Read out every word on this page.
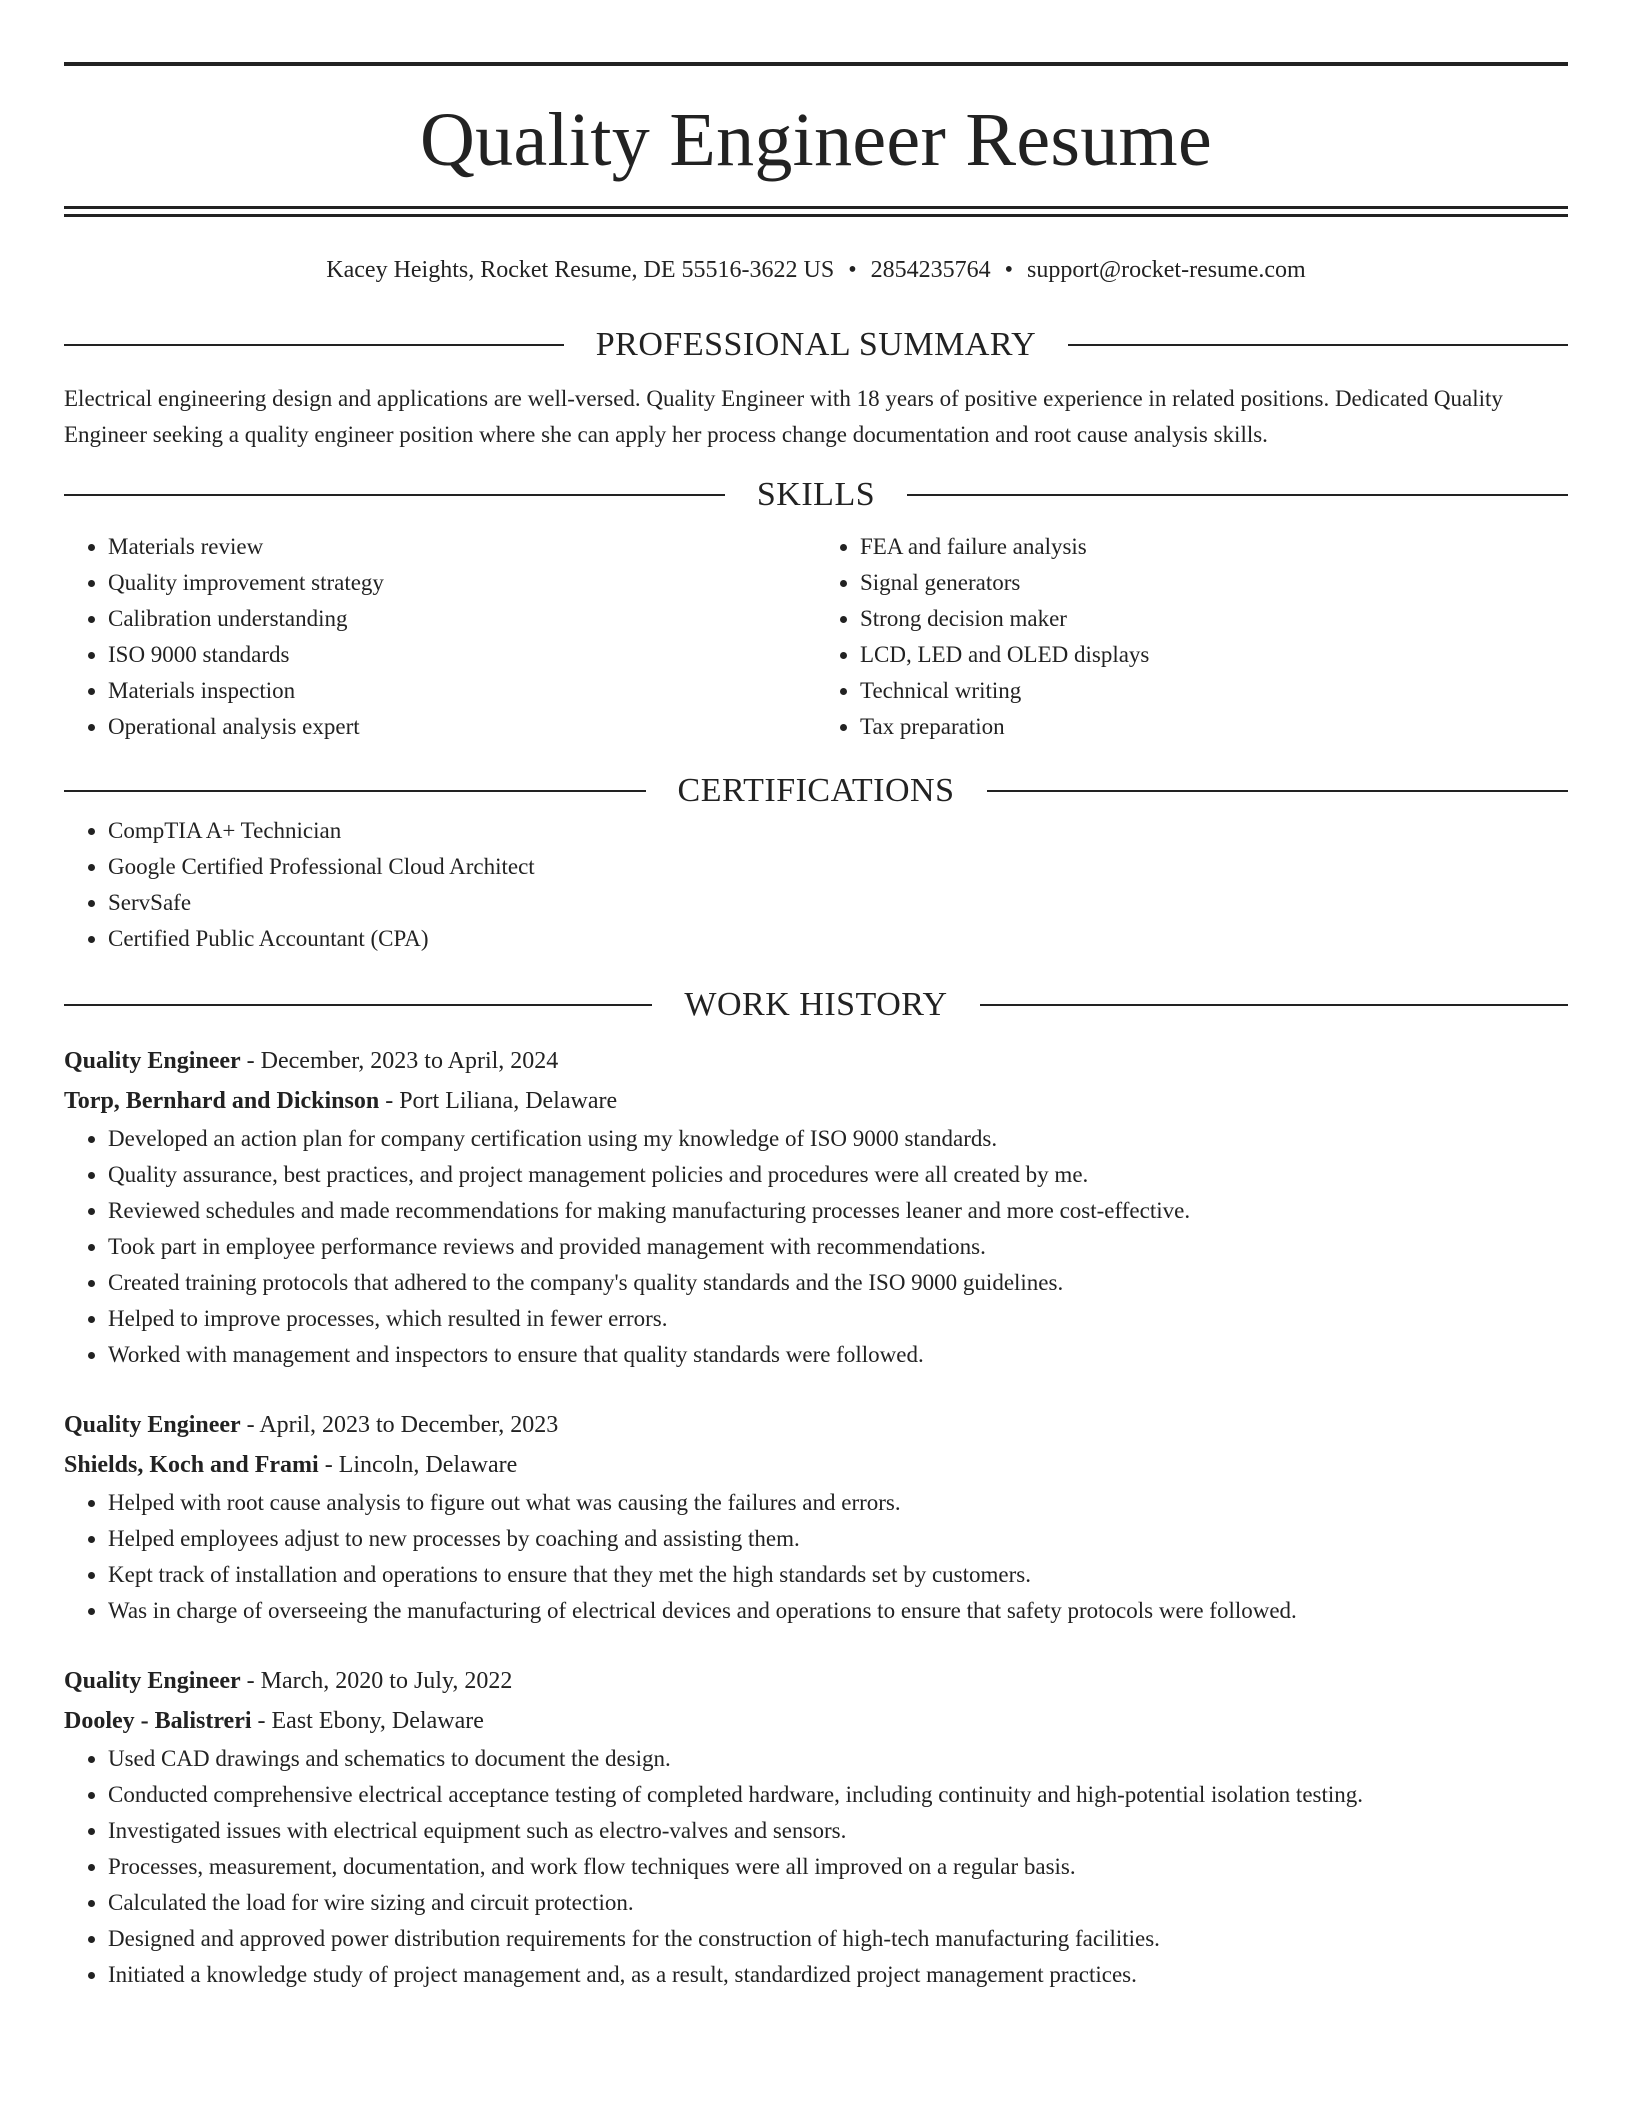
Quality Engineer Resume
Kacey Heights, Rocket Resume, DE 55516-3622 US • 2854235764 • support@rocket-resume.com
PROFESSIONAL SUMMARY

Electrical engineering design and applications are well-versed. Quality Engineer with 18 years of positive experience in related positions. Dedicated Quality Engineer seeking a quality engineer position where she can apply her process change documentation and root cause analysis skills.

SKILLS
• Materials review
• Quality improvement strategy
• Calibration understanding
• ISO 9000 standards
• Materials inspection
• Operational analysis expert
• FEA and failure analysis
• Signal generators
• Strong decision maker
• LCD, LED and OLED displays
• Technical writing
• Tax preparation
CERTIFICATIONS
• CompTIA A+ Technician
• Google Certified Professional Cloud Architect
• ServSafe
• Certified Public Accountant (CPA)
WORK HISTORY
Quality Engineer - December, 2023 to April, 2024
Torp, Bernhard and Dickinson - Port Liliana, Delaware
• Developed an action plan for company certification using my knowledge of ISO 9000 standards.
• Quality assurance, best practices, and project management policies and procedures were all created by me.
• Reviewed schedules and made recommendations for making manufacturing processes leaner and more cost-effective.
• Took part in employee performance reviews and provided management with recommendations.
• Created training protocols that adhered to the company's quality standards and the ISO 9000 guidelines.
• Helped to improve processes, which resulted in fewer errors.
• Worked with management and inspectors to ensure that quality standards were followed.
Quality Engineer - April, 2023 to December, 2023
Shields, Koch and Frami - Lincoln, Delaware
• Helped with root cause analysis to figure out what was causing the failures and errors.
• Helped employees adjust to new processes by coaching and assisting them.
• Kept track of installation and operations to ensure that they met the high standards set by customers.
• Was in charge of overseeing the manufacturing of electrical devices and operations to ensure that safety protocols were followed.
Quality Engineer - March, 2020 to July, 2022
Dooley - Balistreri - East Ebony, Delaware
• Used CAD drawings and schematics to document the design.
• Conducted comprehensive electrical acceptance testing of completed hardware, including continuity and high-potential isolation testing.
• Investigated issues with electrical equipment such as electro-valves and sensors.
• Processes, measurement, documentation, and work flow techniques were all improved on a regular basis.
• Calculated the load for wire sizing and circuit protection.
• Designed and approved power distribution requirements for the construction of high-tech manufacturing facilities.
• Initiated a knowledge study of project management and, as a result, standardized project management practices.
